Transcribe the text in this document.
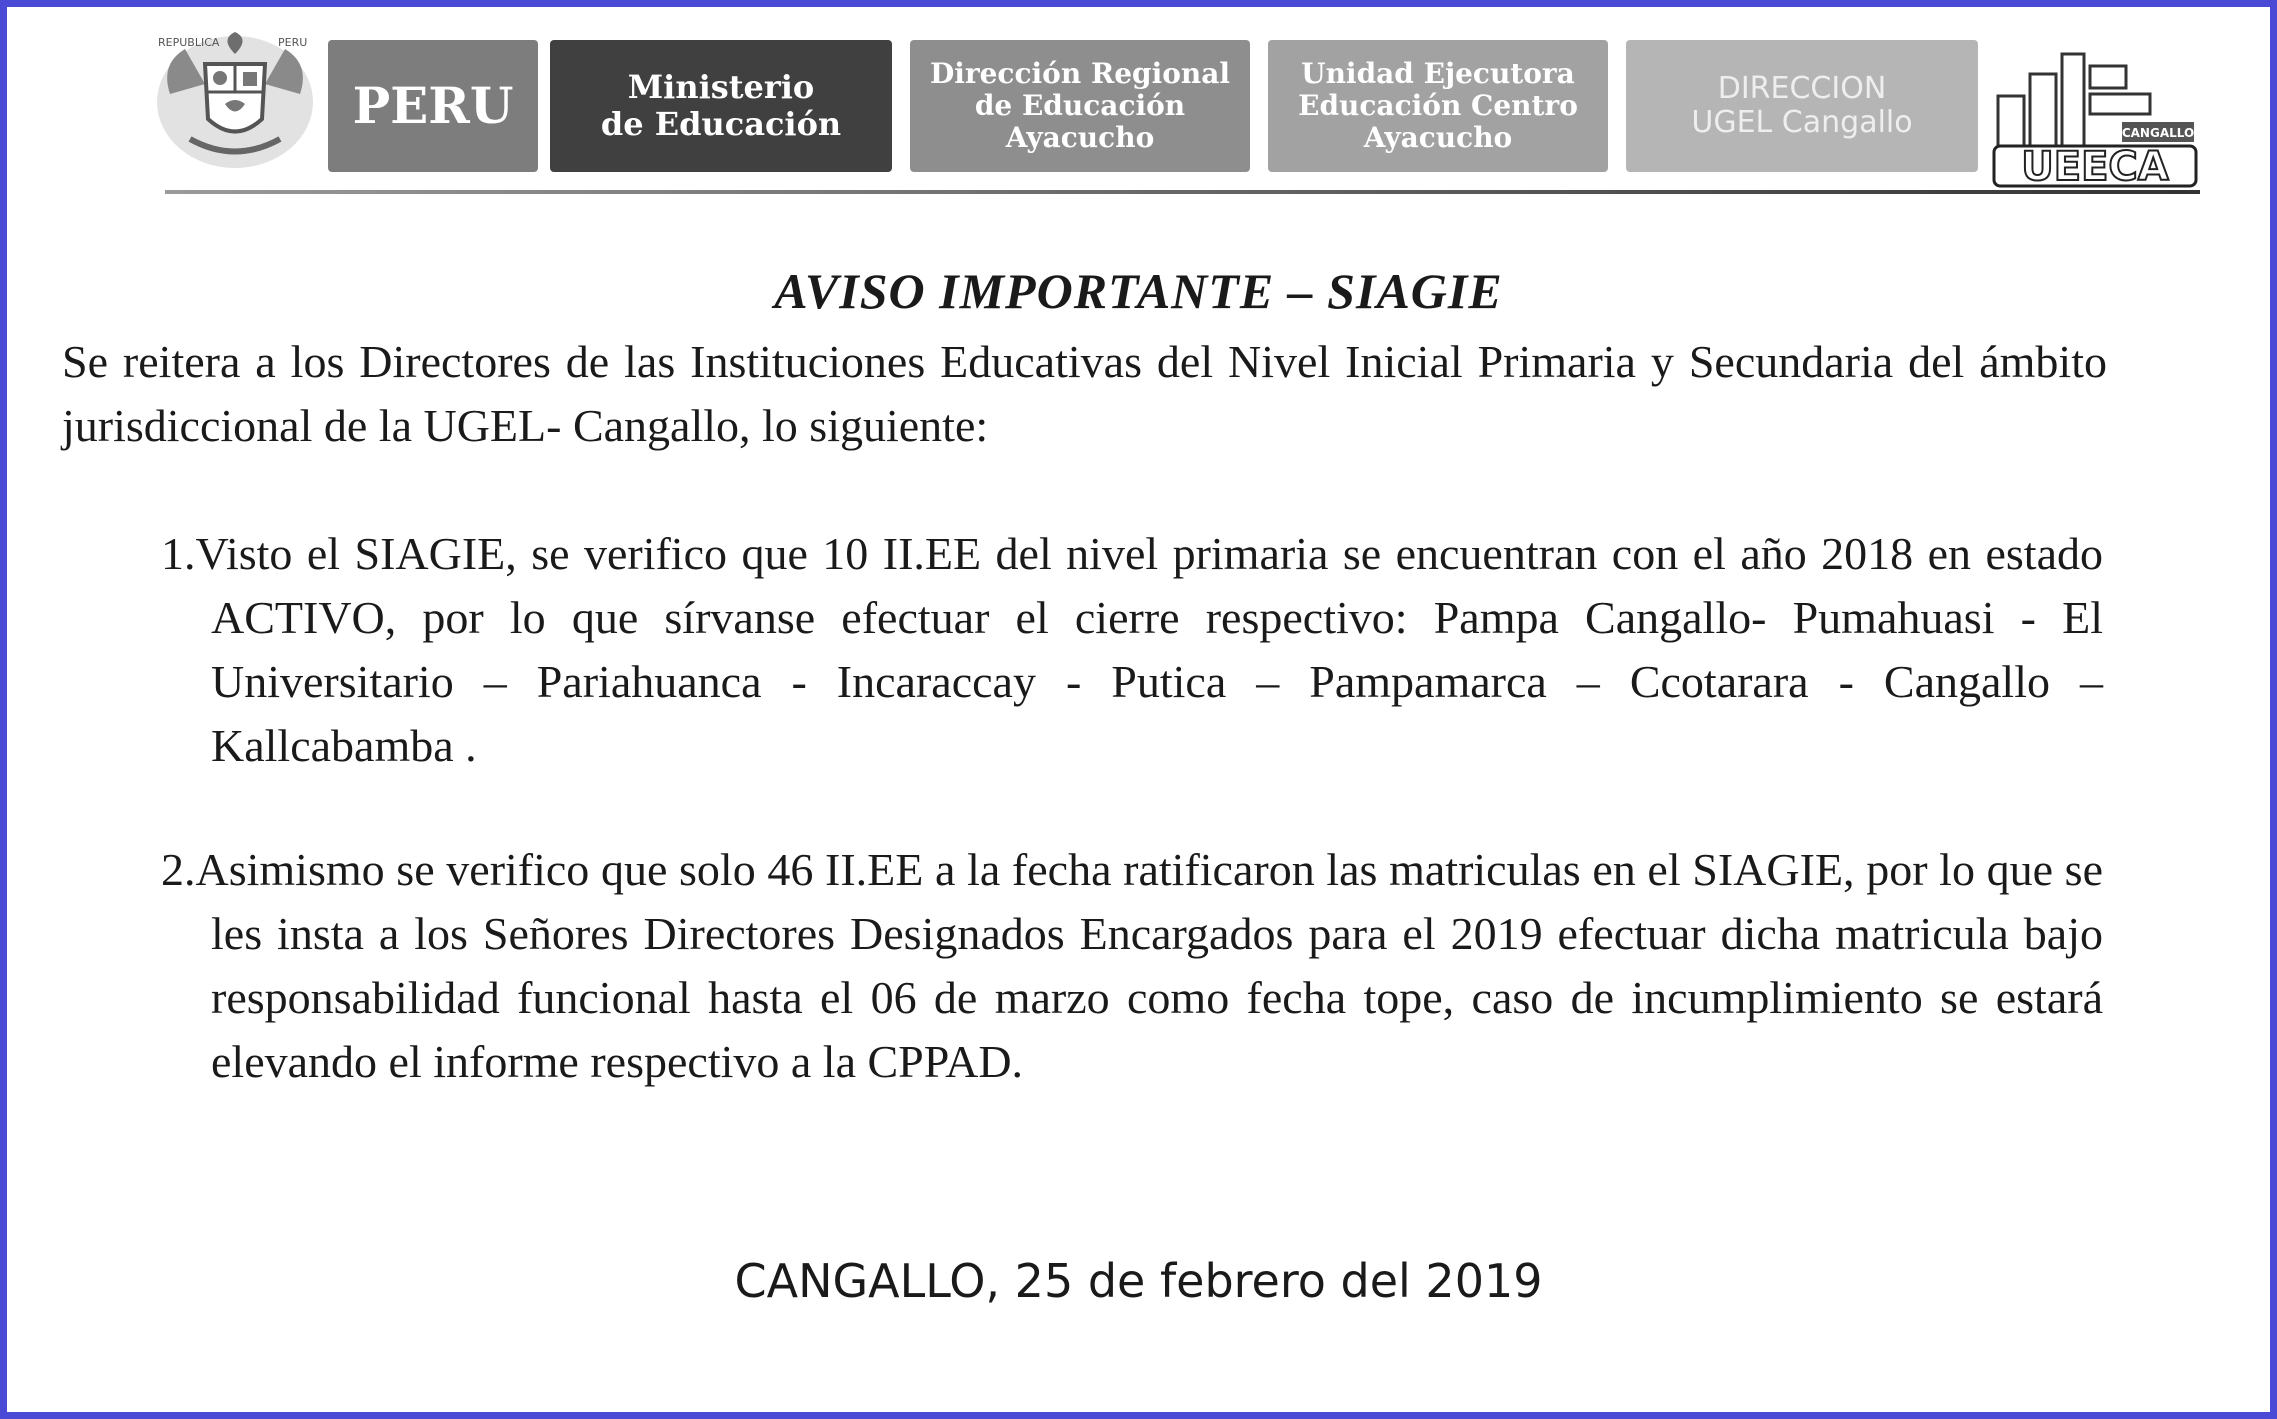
REPUBLICA	PERU
PERU	Ministerio
de Educación
Dirección Regional
de Educación
Ayacucho
Unidad Ejecutora
Educación Centro
Ayacucho
DIRECCION
UGEL Cangallo	CANGALLO
UEECA
AVISO IMPORTANTE – SIAGIE
Se reitera a los Directores de las Instituciones Educativas del Nivel Inicial Primaria y Secundaria del ámbito jurisdiccional de la UGEL- Cangallo, lo siguiente:
1.Visto el SIAGIE, se verifico que 10 II.EE del nivel primaria se encuentran con el año 2018 en estado ACTIVO, por lo que sírvanse efectuar el cierre respectivo: Pampa Cangallo- Pumahuasi - El Universitario – Pariahuanca - Incaraccay - Putica – Pampamarca – Ccotarara - Cangallo –Kallcabamba .
2.Asimismo se verifico que solo 46 II.EE a la fecha ratificaron las matriculas en el SIAGIE, por lo que se les insta a los Señores Directores Designados Encargados para el 2019 efectuar dicha matricula bajo responsabilidad funcional hasta el 06 de marzo como fecha tope, caso de incumplimiento se estará elevando el informe respectivo a la CPPAD.
CANGALLO, 25 de febrero del 2019
